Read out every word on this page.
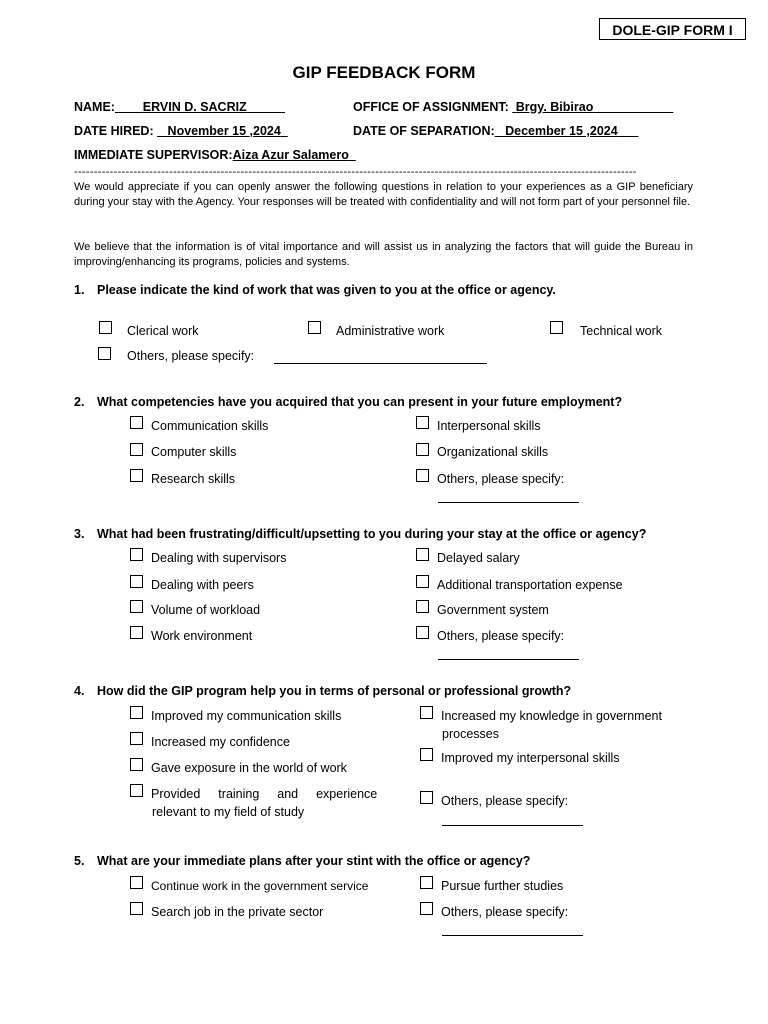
DOLE-GIP FORM I
GIP FEEDBACK FORM
NAME: ERVIN D. SACRIZ	OFFICE OF ASSIGNMENT: Brgy. Bibirao
DATE HIRED: November 15 ,2024	DATE OF SEPARATION: December 15 ,2024
IMMEDIATE SUPERVISOR:Aiza Azur Salamero
----------------------------------------------------------------------------------------------------------------------------------------------
We would appreciate if you can openly answer the following questions in relation to your experiences as a GIP beneficiary during your stay with the Agency. Your responses will be treated with confidentiality and will not form part of your personnel file.
We believe that the information is of vital importance and will assist us in analyzing the factors that will guide the Bureau in improving/enhancing its programs, policies and systems.
1. Please indicate the kind of work that was given to you at the office or agency.
Clerical work	Administrative work	Technical work
Others, please specify:
2. What competencies have you acquired that you can present in your future employment?
Communication skills
Computer skills
Research skills
Interpersonal skills
Organizational skills
Others, please specify:
3. What had been frustrating/difficult/upsetting to you during your stay at the office or agency?
Dealing with supervisors
Dealing with peers
Volume of workload
Work environment
Delayed salary
Additional transportation expense
Government system
Others, please specify:
4. How did the GIP program help you in terms of personal or professional growth?
Improved my communication skills
Increased my confidence
Gave exposure in the world of work
Provided training and experience
relevant to my field of study
Increased my knowledge in government
processes
Improved my interpersonal skills
Others, please specify:
5. What are your immediate plans after your stint with the office or agency?
Continue work in the government service
Search job in the private sector
Pursue further studies
Others, please specify:
